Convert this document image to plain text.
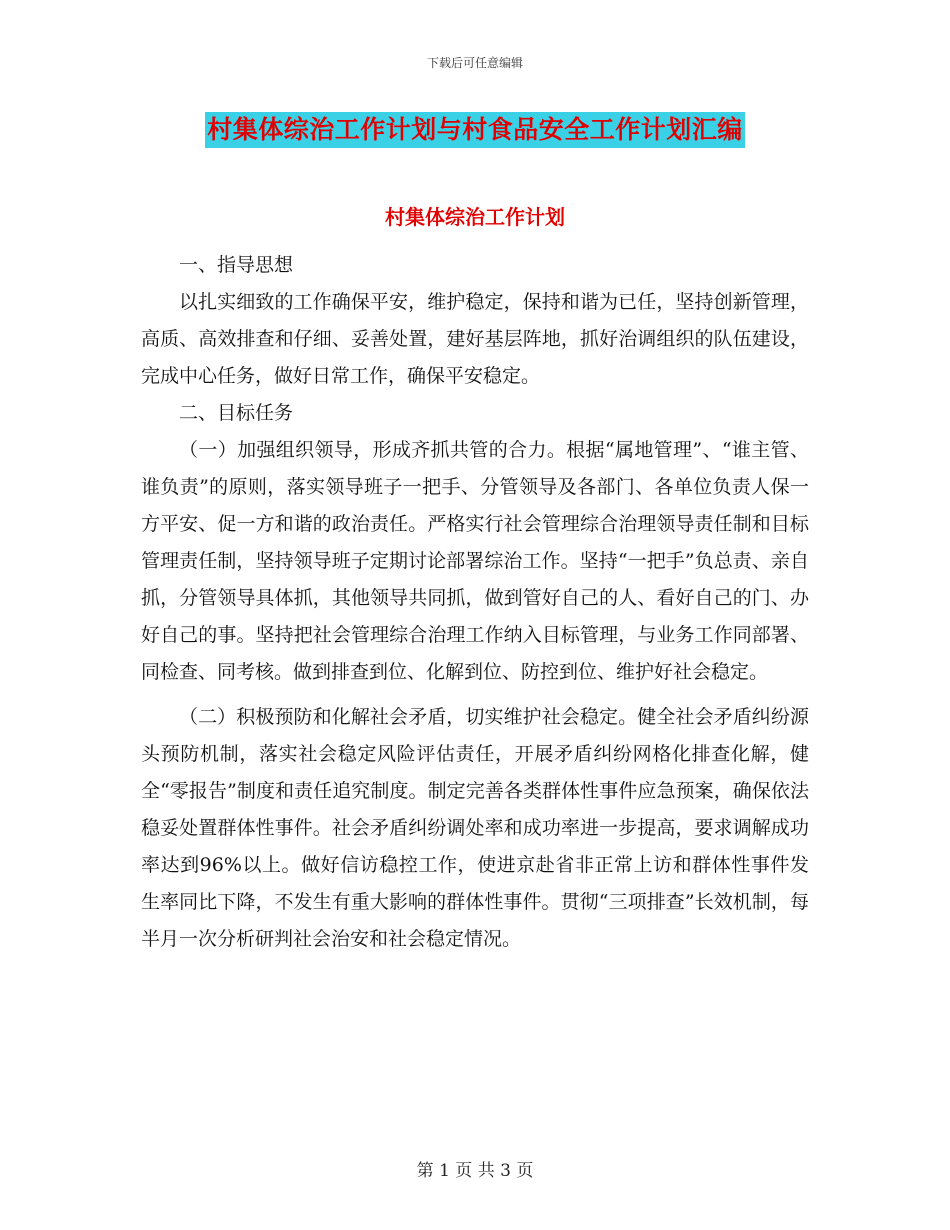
下载后可任意编辑
村集体综治工作计划与村食品安全工作计划汇编
村集体综治工作计划

一、指导思想

以扎实细致的工作确保平安，维护稳定，保持和谐为已任，坚持创新管理，高质、高效排查和仔细、妥善处置，建好基层阵地，抓好治调组织的队伍建设，完成中心任务，做好日常工作，确保平安稳定。

二、目标任务

（一）加强组织领导，形成齐抓共管的合力。根据“属地管理”、“谁主管、谁负责”的原则，落实领导班子一把手、分管领导及各部门、各单位负责人保一方平安、促一方和谐的政治责任。严格实行社会管理综合治理领导责任制和目标管理责任制，坚持领导班子定期讨论部署综治工作。坚持“一把手”负总责、亲自抓，分管领导具体抓，其他领导共同抓，做到管好自己的人、看好自己的门、办好自己的事。坚持把社会管理综合治理工作纳入目标管理，与业务工作同部署、同检查、同考核。做到排查到位、化解到位、防控到位、维护好社会稳定。

（二）积极预防和化解社会矛盾，切实维护社会稳定。健全社会矛盾纠纷源头预防机制，落实社会稳定风险评估责任，开展矛盾纠纷网格化排查化解，健全“零报告”制度和责任追究制度。制定完善各类群体性事件应急预案，确保依法稳妥处置群体性事件。社会矛盾纠纷调处率和成功率进一步提高，要求调解成功率达到96%以上。做好信访稳控工作，使进京赴省非正常上访和群体性事件发生率同比下降，不发生有重大影响的群体性事件。贯彻“三项排查”长效机制，每半月一次分析研判社会治安和社会稳定情况。

第 1 页 共 3 页
